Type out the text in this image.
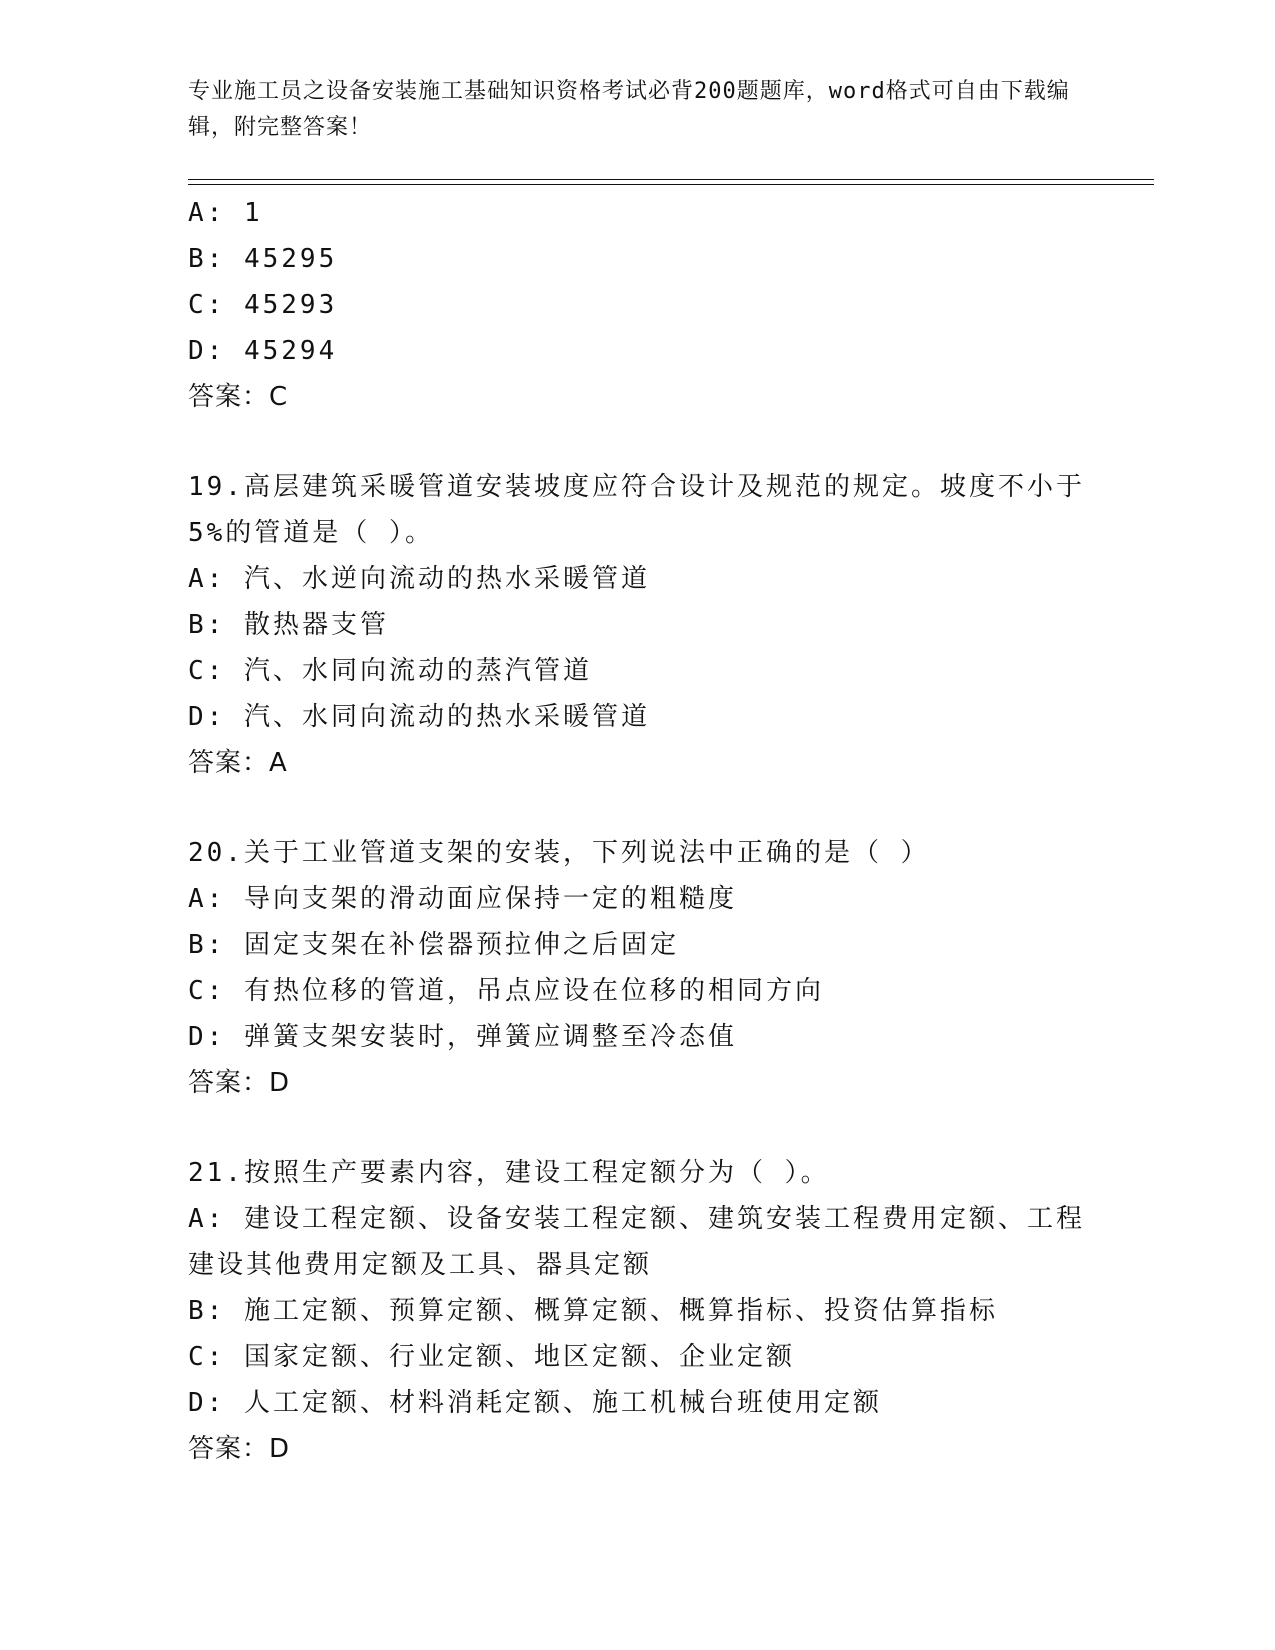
专业施工员之设备安装施工基础知识资格考试必背200题题库，word格式可自由下载编辑，附完整答案！
A: 1
B: 45295
C: 45293
D: 45294
答案：C
19.高层建筑采暖管道安装坡度应符合设计及规范的规定。坡度不小于
5%的管道是（ ）。
A: 汽、水逆向流动的热水采暖管道
B: 散热器支管
C: 汽、水同向流动的蒸汽管道
D: 汽、水同向流动的热水采暖管道
答案：A
20.关于工业管道支架的安装，下列说法中正确的是（ ）
A: 导向支架的滑动面应保持一定的粗糙度
B: 固定支架在补偿器预拉伸之后固定
C: 有热位移的管道，吊点应设在位移的相同方向
D: 弹簧支架安装时，弹簧应调整至冷态值
答案：D
21.按照生产要素内容，建设工程定额分为（ ）。
A: 建设工程定额、设备安装工程定额、建筑安装工程费用定额、工程
建设其他费用定额及工具、器具定额
B: 施工定额、预算定额、概算定额、概算指标、投资估算指标
C: 国家定额、行业定额、地区定额、企业定额
D: 人工定额、材料消耗定额、施工机械台班使用定额
答案：D
